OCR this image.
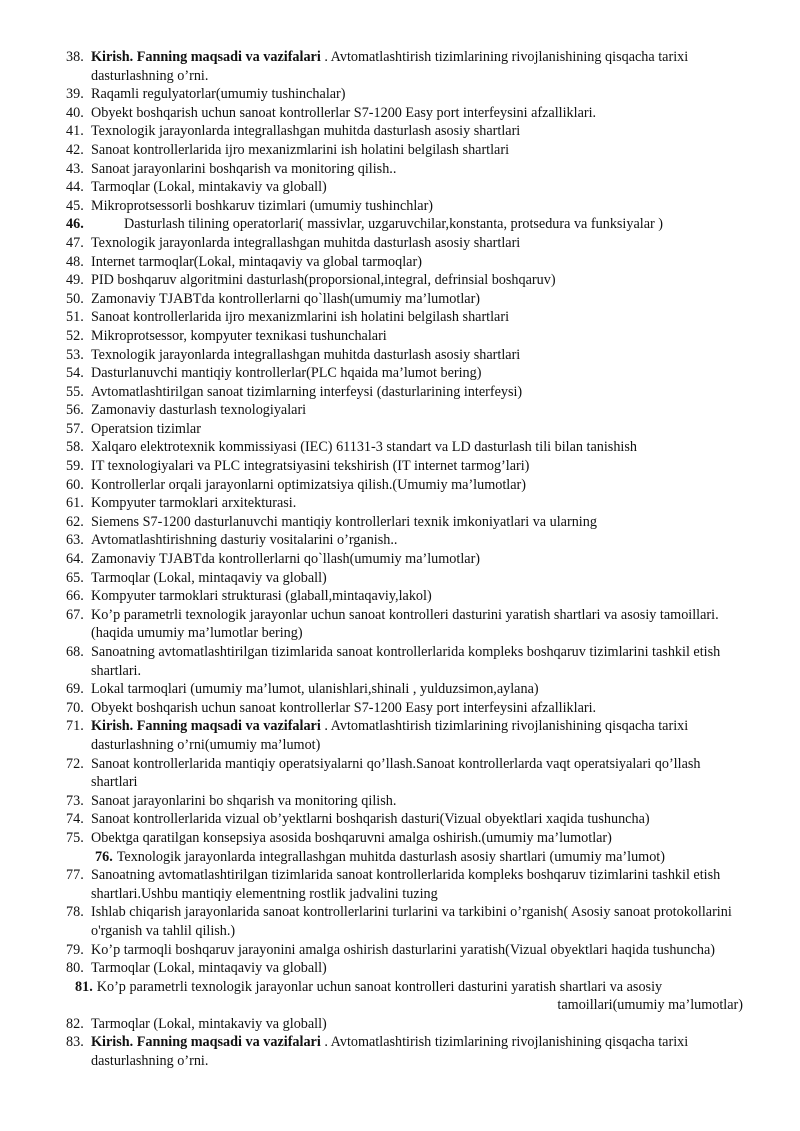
38. Kirish. Fanning maqsadi va vazifalari . Avtomatlashtirish tizimlarining rivojlanishining qisqacha tarixi dasturlashning o’rni.
39. Raqamli regulyatorlar(umumiy tushinchalar)
40. Obyekt boshqarish uchun sanoat kontrollerlar S7-1200 Easy port interfeysini afzalliklari.
41. Texnologik jarayonlarda integrallashgan muhitda dasturlash asosiy shartlari
42. Sanoat kontrollerlarida ijro mexanizmlarini ish holatini belgilash shartlari
43. Sanoat jarayonlarini boshqarish va monitoring qilish..
44. Tarmoqlar (Lokal, mintakaviy va globall)
45. Mikroprotsessorli boshkaruv tizimlari (umumiy tushinchlar)
46.	Dasturlash tilining operatorlari( massivlar, uzgaruvchilar,konstanta, protsedura va funksiyalar )
47. Texnologik jarayonlarda integrallashgan muhitda dasturlash asosiy shartlari
48. Internet tarmoqlar(Lokal, mintaqaviy va global tarmoqlar)
49. PID boshqaruv algoritmini dasturlash(proporsional,integral, defrinsial boshqaruv)
50. Zamonaviy TJABTda kontrollerlarni qo`llash(umumiy ma’lumotlar)
51. Sanoat kontrollerlarida ijro mexanizmlarini ish holatini belgilash shartlari
52. Mikroprotsessor, kompyuter texnikasi tushunchalari
53. Texnologik jarayonlarda integrallashgan muhitda dasturlash asosiy shartlari
54. Dasturlanuvchi mantiqiy kontrollerlar(PLC hqaida ma’lumot bering)
55. Avtomatlashtirilgan sanoat tizimlarning interfeysi (dasturlarining interfeysi)
56. Zamonaviy dasturlash texnologiyalari
57. Operatsion tizimlar
58. Xalqaro elektrotexnik kommissiyasi (IEC) 61131-3 standart va LD dasturlash tili bilan tanishish
59. IT texnologiyalari va PLC integratsiyasini tekshirish (IT internet tarmog’lari)
60. Kontrollerlar orqali jarayonlarni optimizatsiya qilish.(Umumiy ma’lumotlar)
61. Kompyuter tarmoklari arxitekturasi.
62. Siemens S7-1200 dasturlanuvchi mantiqiy kontrollerlari texnik imkoniyatlari va ularning
63. Avtomatlashtirishning dasturiy vositalarini o’rganish..
64. Zamonaviy TJABTda kontrollerlarni qo`llash(umumiy ma’lumotlar)
65. Tarmoqlar (Lokal, mintaqaviy va globall)
66. Kompyuter tarmoklari strukturasi (glaball,mintaqaviy,lakol)
67. Ko’p parametrli texnologik jarayonlar uchun sanoat kontrolleri dasturini yaratish shartlari va asosiy tamoillari. (haqida umumiy ma’lumotlar bering)
68. Sanoatning avtomatlashtirilgan tizimlarida sanoat kontrollerlarida kompleks boshqaruv tizimlarini tashkil etish shartlari.
69. Lokal tarmoqlari (umumiy ma’lumot, ulanishlari,shinali , yulduzsimon,aylana)
70. Obyekt boshqarish uchun sanoat kontrollerlar S7-1200 Easy port interfeysini afzalliklari.
71. Kirish. Fanning maqsadi va vazifalari . Avtomatlashtirish tizimlarining rivojlanishining qisqacha tarixi dasturlashning o’rni(umumiy ma’lumot)
72. Sanoat kontrollerlarida mantiqiy operatsiyalarni qo’llash.Sanoat kontrollerlarda vaqt operatsiyalari qo’llash shartlari
73. Sanoat jarayonlarini bo shqarish va monitoring qilish.
74. Sanoat kontrollerlarida vizual ob’yektlarni boshqarish dasturi(Vizual obyektlari xaqida tushuncha)
75. Obektga qaratilgan konsepsiya asosida boshqaruvni amalga oshirish.(umumiy ma’lumotlar)
76. Texnologik jarayonlarda integrallashgan muhitda dasturlash asosiy shartlari (umumiy ma’lumot)
77. Sanoatning avtomatlashtirilgan tizimlarida sanoat kontrollerlarida kompleks boshqaruv tizimlarini tashkil etish shartlari.Ushbu mantiqiy elementning rostlik jadvalini tuzing
78. Ishlab chiqarish jarayonlarida sanoat kontrollerlarini turlarini va tarkibini o’rganish( Asosiy sanoat protokollarini o'rganish va tahlil qilish.)
79. Ko’p tarmoqli boshqaruv jarayonini amalga oshirish dasturlarini yaratish(Vizual obyektlari haqida tushuncha)
80. Tarmoqlar (Lokal, mintaqaviy va globall)
81. Ko’p parametrli texnologik jarayonlar uchun sanoat kontrolleri dasturini yaratish shartlari va asosiy
tamoillari(umumiy ma’lumotlar)
82. Tarmoqlar (Lokal, mintakaviy va globall)
83. Kirish. Fanning maqsadi va vazifalari . Avtomatlashtirish tizimlarining rivojlanishining qisqacha tarixi dasturlashning o’rni.
